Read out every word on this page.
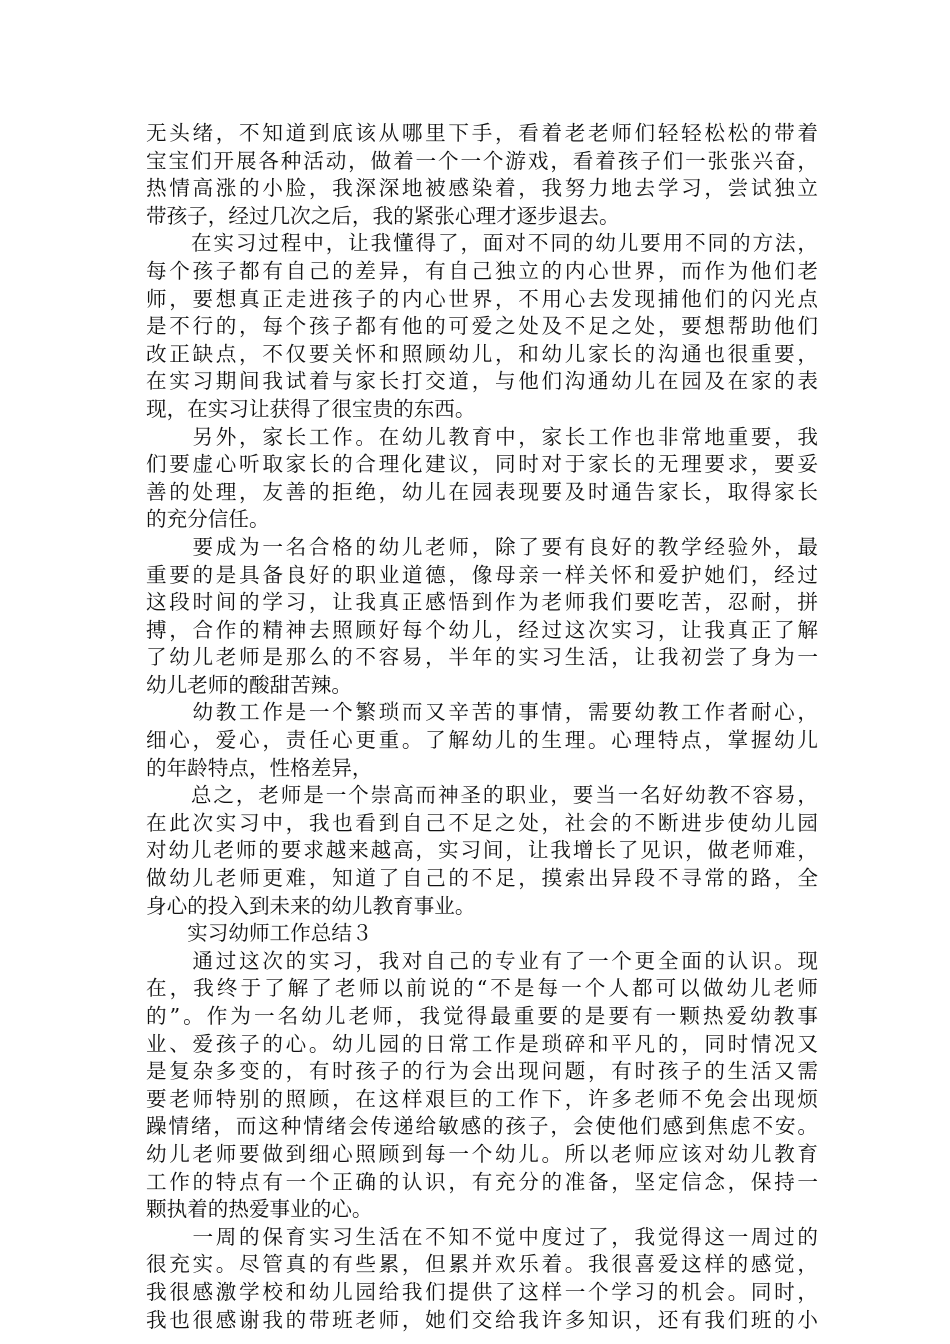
无头绪，不知道到底该从哪里下手，看着老老师们轻轻松松的带着
宝宝们开展各种活动，做着一个一个游戏，看着孩子们一张张兴奋，
热情高涨的小脸，我深深地被感染着，我努力地去学习，尝试独立
带孩子，经过几次之后，我的紧张心理才逐步退去。
　　在实习过程中，让我懂得了，面对不同的幼儿要用不同的方法，
每个孩子都有自己的差异，有自己独立的内心世界，而作为他们老
师，要想真正走进孩子的内心世界，不用心去发现捕他们的闪光点
是不行的，每个孩子都有他的可爱之处及不足之处，要想帮助他们
改正缺点，不仅要关怀和照顾幼儿，和幼儿家长的沟通也很重要，
在实习期间我试着与家长打交道，与他们沟通幼儿在园及在家的表
现，在实习让获得了很宝贵的东西。
　　另外，家长工作。在幼儿教育中，家长工作也非常地重要，我
们要虚心听取家长的合理化建议，同时对于家长的无理要求，要妥
善的处理，友善的拒绝，幼儿在园表现要及时通告家长，取得家长
的充分信任。
　　要成为一名合格的幼儿老师，除了要有良好的教学经验外，最
重要的是具备良好的职业道德，像母亲一样关怀和爱护她们，经过
这段时间的学习，让我真正感悟到作为老师我们要吃苦，忍耐，拼
搏，合作的精神去照顾好每个幼儿，经过这次实习，让我真正了解
了幼儿老师是那么的不容易，半年的实习生活，让我初尝了身为一
幼儿老师的酸甜苦辣。
　　幼教工作是一个繁琐而又辛苦的事情，需要幼教工作者耐心，
细心，爱心，责任心更重。了解幼儿的生理。心理特点，掌握幼儿
的年龄特点，性格差异，
　　总之，老师是一个崇高而神圣的职业，要当一名好幼教不容易，
在此次实习中，我也看到自己不足之处，社会的不断进步使幼儿园
对幼儿老师的要求越来越高，实习间，让我增长了见识，做老师难，
做幼儿老师更难，知道了自己的不足，摸索出异段不寻常的路，全
身心的投入到未来的幼儿教育事业。
　　实习幼师工作总结３
　　通过这次的实习，我对自己的专业有了一个更全面的认识。现
在，我终于了解了老师以前说的“不是每一个人都可以做幼儿老师
的”。作为一名幼儿老师，我觉得最重要的是要有一颗热爱幼教事
业、爱孩子的心。幼儿园的日常工作是琐碎和平凡的，同时情况又
是复杂多变的，有时孩子的行为会出现问题，有时孩子的生活又需
要老师特别的照顾，在这样艰巨的工作下，许多老师不免会出现烦
躁情绪，而这种情绪会传递给敏感的孩子，会使他们感到焦虑不安。
幼儿老师要做到细心照顾到每一个幼儿。所以老师应该对幼儿教育
工作的特点有一个正确的认识，有充分的准备，坚定信念，保持一
颗执着的热爱事业的心。
　　一周的保育实习生活在不知不觉中度过了，我觉得这一周过的
很充实。尽管真的有些累，但累并欢乐着。我很喜爱这样的感觉，
我很感激学校和幼儿园给我们提供了这样一个学习的机会。同时，
我也很感谢我的带班老师，她们交给我许多知识，还有我们班的小
